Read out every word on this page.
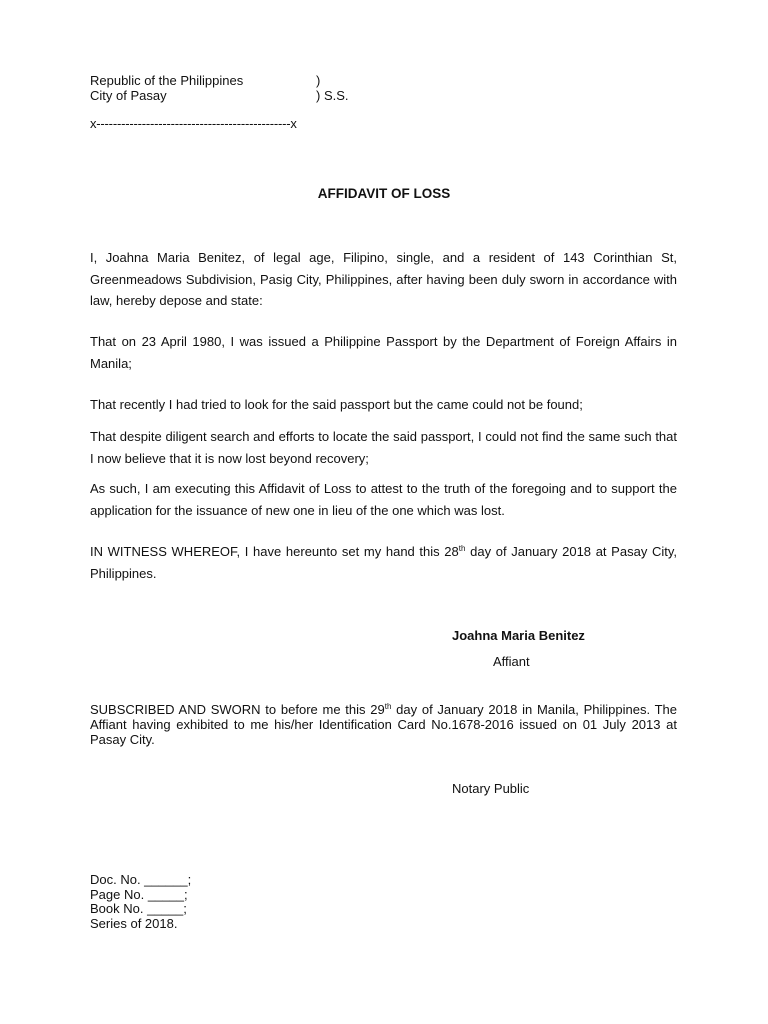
Republic of the Philippines	)
City of Pasay	) S.S.
x-----------------------------------------------x
AFFIDAVIT OF LOSS

I, Joahna Maria Benitez, of legal age, Filipino, single, and a resident of 143 Corinthian St, Greenmeadows Subdivision, Pasig City, Philippines, after having been duly sworn in accordance with law, hereby depose and state:

That on 23 April 1980, I was issued a Philippine Passport by the Department of Foreign Affairs in Manila;

That recently I had tried to look for the said passport but the came could not be found;

That despite diligent search and efforts to locate the said passport, I could not find the same such that I now believe that it is now lost beyond recovery;

As such, I am executing this Affidavit of Loss to attest to the truth of the foregoing and to support the application for the issuance of new one in lieu of the one which was lost.

IN WITNESS WHEREOF, I have hereunto set my hand this 28th day of January 2018 at Pasay City, Philippines.

Joahna Maria Benitez
Affiant

SUBSCRIBED AND SWORN to before me this 29th day of January 2018 in Manila, Philippines. The Affiant having exhibited to me his/her Identification Card No.1678-2016 issued on 01 July 2013 at Pasay City.

Notary Public
Doc. No. ______;
Page No. _____;
Book No. _____;
Series of 2018.
